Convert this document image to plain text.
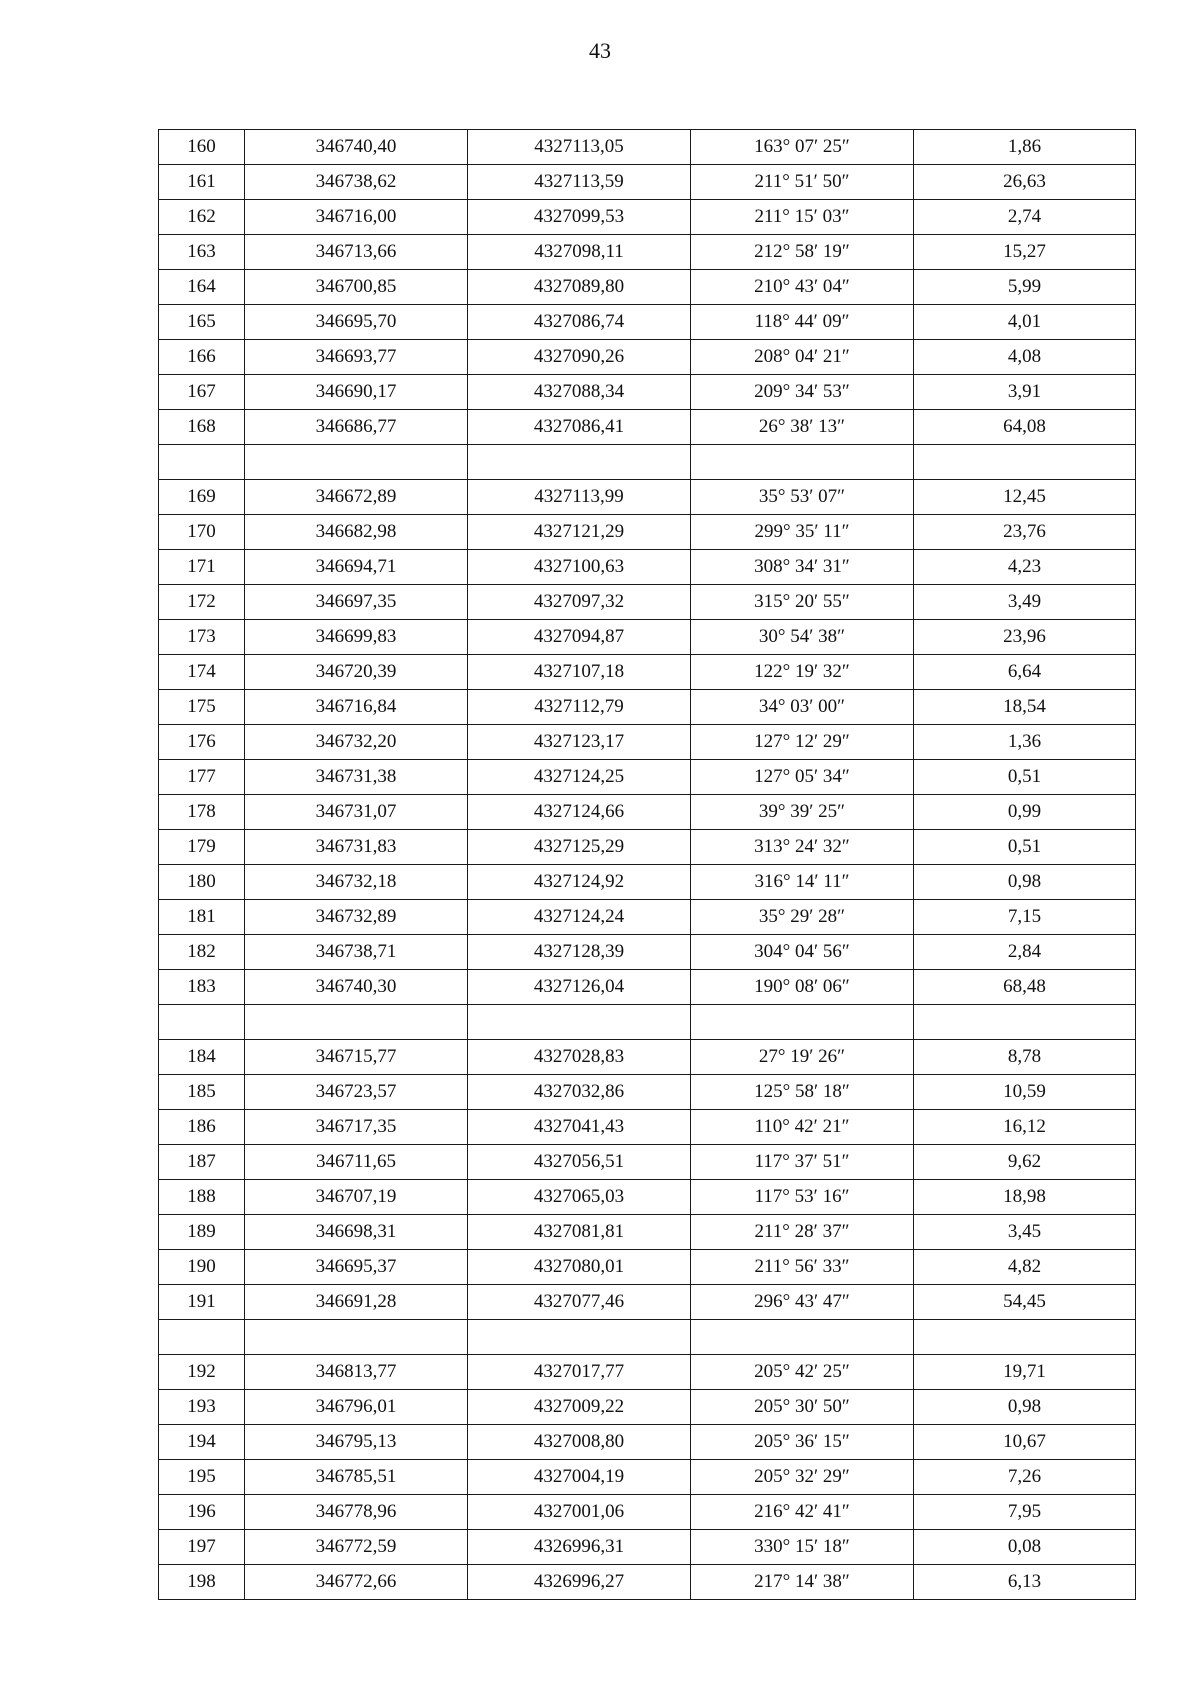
43
160	346740,40	4327113,05	163° 07′ 25″	1,86
161	346738,62	4327113,59	211° 51′ 50″	26,63
162	346716,00	4327099,53	211° 15′ 03″	2,74
163	346713,66	4327098,11	212° 58′ 19″	15,27
164	346700,85	4327089,80	210° 43′ 04″	5,99
165	346695,70	4327086,74	118° 44′ 09″	4,01
166	346693,77	4327090,26	208° 04′ 21″	4,08
167	346690,17	4327088,34	209° 34′ 53″	3,91
168	346686,77	4327086,41	26° 38′ 13″	64,08

169	346672,89	4327113,99	35° 53′ 07″	12,45
170	346682,98	4327121,29	299° 35′ 11″	23,76
171	346694,71	4327100,63	308° 34′ 31″	4,23
172	346697,35	4327097,32	315° 20′ 55″	3,49
173	346699,83	4327094,87	30° 54′ 38″	23,96
174	346720,39	4327107,18	122° 19′ 32″	6,64
175	346716,84	4327112,79	34° 03′ 00″	18,54
176	346732,20	4327123,17	127° 12′ 29″	1,36
177	346731,38	4327124,25	127° 05′ 34″	0,51
178	346731,07	4327124,66	39° 39′ 25″	0,99
179	346731,83	4327125,29	313° 24′ 32″	0,51
180	346732,18	4327124,92	316° 14′ 11″	0,98
181	346732,89	4327124,24	35° 29′ 28″	7,15
182	346738,71	4327128,39	304° 04′ 56″	2,84
183	346740,30	4327126,04	190° 08′ 06″	68,48

184	346715,77	4327028,83	27° 19′ 26″	8,78
185	346723,57	4327032,86	125° 58′ 18″	10,59
186	346717,35	4327041,43	110° 42′ 21″	16,12
187	346711,65	4327056,51	117° 37′ 51″	9,62
188	346707,19	4327065,03	117° 53′ 16″	18,98
189	346698,31	4327081,81	211° 28′ 37″	3,45
190	346695,37	4327080,01	211° 56′ 33″	4,82
191	346691,28	4327077,46	296° 43′ 47″	54,45

192	346813,77	4327017,77	205° 42′ 25″	19,71
193	346796,01	4327009,22	205° 30′ 50″	0,98
194	346795,13	4327008,80	205° 36′ 15″	10,67
195	346785,51	4327004,19	205° 32′ 29″	7,26
196	346778,96	4327001,06	216° 42′ 41″	7,95
197	346772,59	4326996,31	330° 15′ 18″	0,08
198	346772,66	4326996,27	217° 14′ 38″	6,13
